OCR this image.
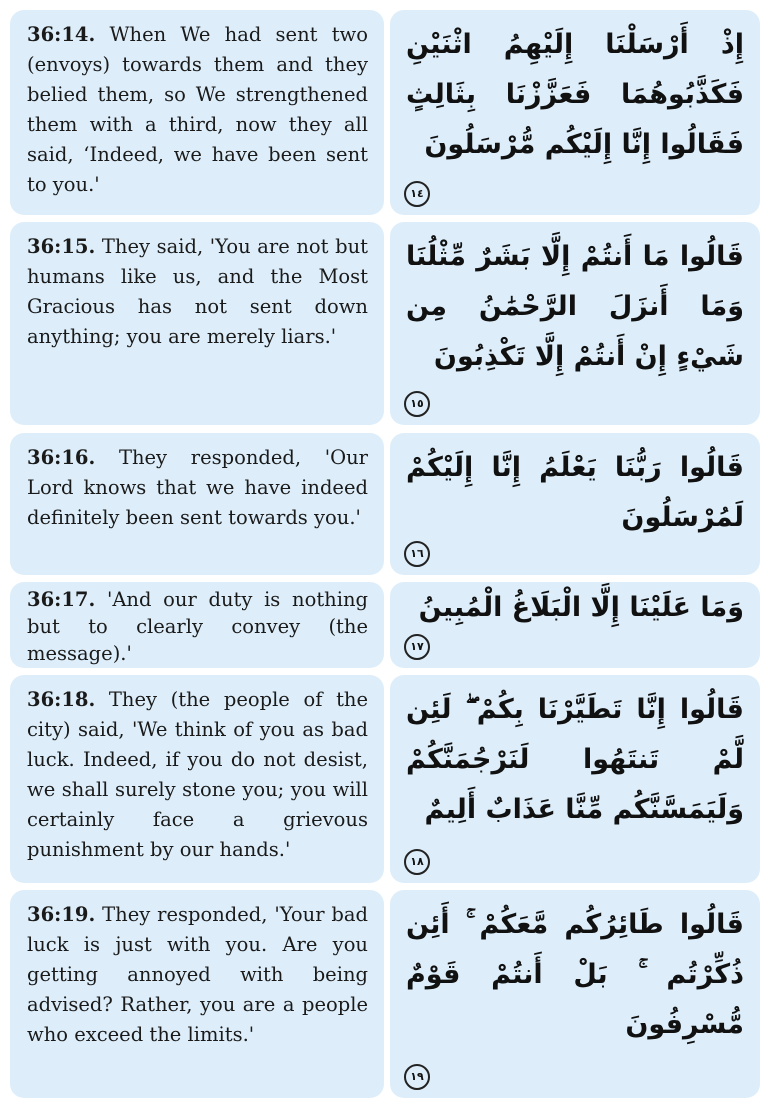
36:14. When We had sent two (envoys) towards them and they belied them, so We strengthened them with a third, now they all said, ‘Indeed, we have been sent to you.'
إِذْ أَرْسَلْنَا إِلَيْهِمُ اثْنَيْنِ فَكَذَّبُوهُمَا فَعَزَّزْنَا بِثَالِثٍ فَقَالُوا إِنَّا إِلَيْكُم مُّرْسَلُونَ
١٤
36:15. They said, 'You are not but humans like us, and the Most Gracious has not sent down anything; you are merely liars.'
قَالُوا مَا أَنتُمْ إِلَّا بَشَرٌ مِّثْلُنَا وَمَا أَنزَلَ الرَّحْمَٰنُ مِن شَيْءٍ إِنْ أَنتُمْ إِلَّا تَكْذِبُونَ
١٥
36:16. They responded, 'Our Lord knows that we have indeed definitely been sent towards you.'
قَالُوا رَبُّنَا يَعْلَمُ إِنَّا إِلَيْكُمْ لَمُرْسَلُونَ
١٦
36:17. 'And our duty is nothing but to clearly convey (the message).'
وَمَا عَلَيْنَا إِلَّا الْبَلَاغُ الْمُبِينُ
١٧
36:18. They (the people of the city) said, 'We think of you as bad luck. Indeed, if you do not desist, we shall surely stone you; you will certainly face a grievous punishment by our hands.'
قَالُوا إِنَّا تَطَيَّرْنَا بِكُمْ ۖ لَئِن لَّمْ تَنتَهُوا لَنَرْجُمَنَّكُمْ وَلَيَمَسَّنَّكُم مِّنَّا عَذَابٌ أَلِيمٌ
١٨
36:19. They responded, 'Your bad luck is just with you. Are you getting annoyed with being advised? Rather, you are a people who exceed the limits.'
قَالُوا طَائِرُكُم مَّعَكُمْ ۚ أَئِن ذُكِّرْتُم ۚ بَلْ أَنتُمْ قَوْمٌ مُّسْرِفُونَ
١٩
